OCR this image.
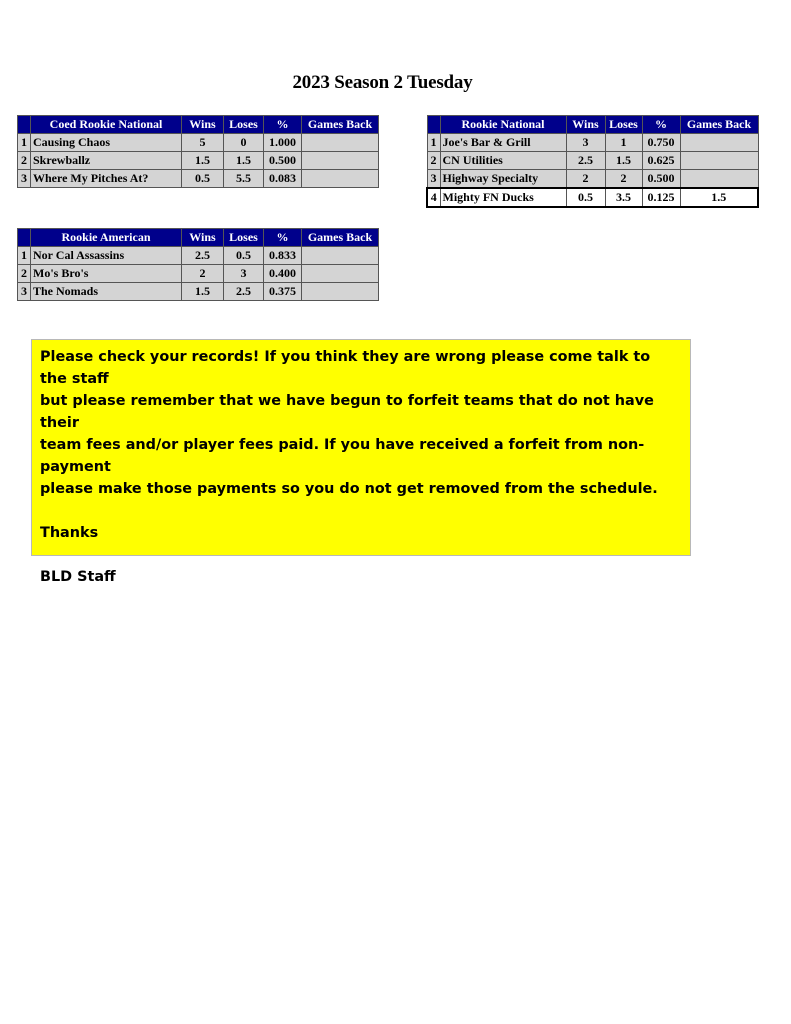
2023 Season 2 Tuesday
	Coed Rookie National	Wins	Loses	%	Games Back
1	Causing Chaos	5	0	1.000	
2	Skrewballz	1.5	1.5	0.500	
3	Where My Pitches At?	0.5	5.5	0.083	
	Rookie National	Wins	Loses	%	Games Back
1	Joe's Bar & Grill	3	1	0.750	
2	CN Utilities	2.5	1.5	0.625	
3	Highway Specialty	2	2	0.500	
4	Mighty FN Ducks	0.5	3.5	0.125	1.5
	Rookie American	Wins	Loses	%	Games Back
1	Nor Cal Assassins	2.5	0.5	0.833	
2	Mo's Bro's	2	3	0.400	
3	The Nomads	1.5	2.5	0.375	

Please check your records! If you think they are wrong please come talk to the staff

but please remember that we have begun to forfeit teams that do not have their

team fees and/or player fees paid. If you have received a forfeit from non-payment

please make those payments so you do not get removed from the schedule.

Thanks

BLD Staff
